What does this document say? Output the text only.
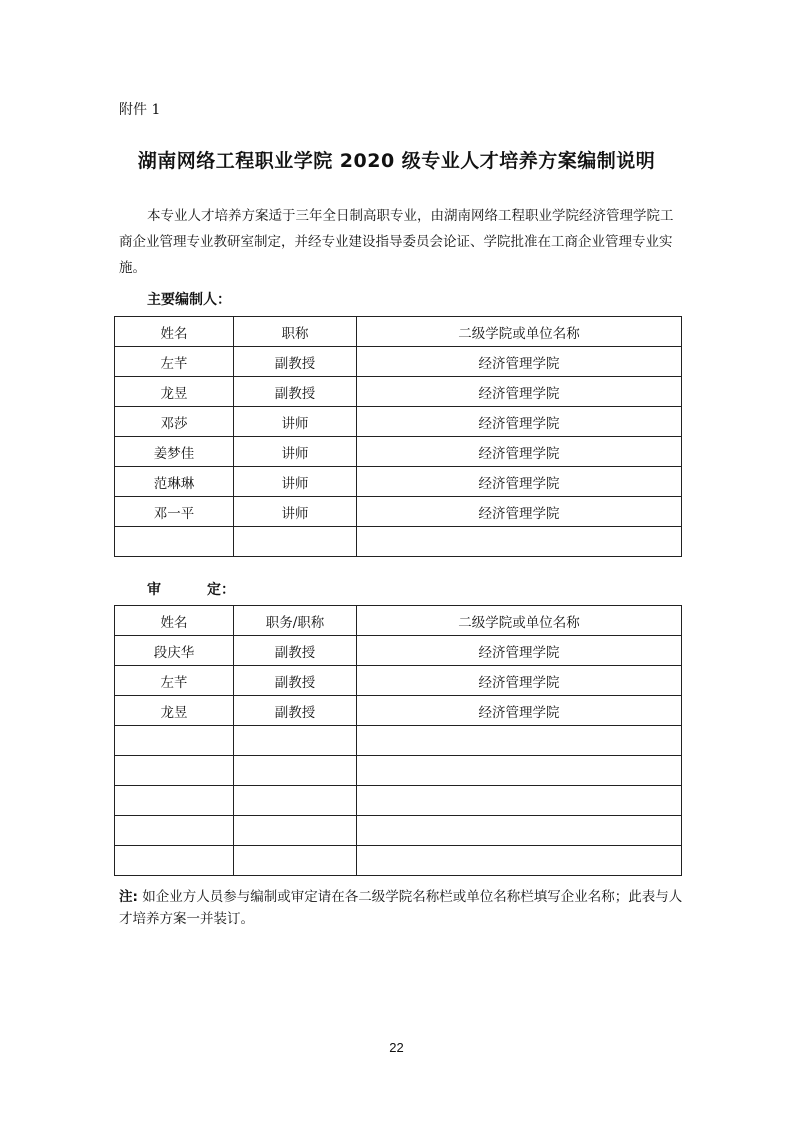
附件 1
湖南网络工程职业学院 2020 级专业人才培养方案编制说明

本专业人才培养方案适于三年全日制高职专业，由湖南网络工程职业学院经济管理学院工商企业管理专业教研室制定，并经专业建设指导委员会论证、学院批准在工商企业管理专业实施。

主要编制人：
姓名	职称	二级学院或单位名称
左芊	副教授	经济管理学院
龙昱	副教授	经济管理学院
邓莎	讲师	经济管理学院
姜梦佳	讲师	经济管理学院
范琳琳	讲师	经济管理学院
邓一平	讲师	经济管理学院

审	定：
姓名	职务/职称	二级学院或单位名称
段庆华	副教授	经济管理学院
左芊	副教授	经济管理学院
龙昱	副教授	经济管理学院

注: 如企业方人员参与编制或审定请在各二级学院名称栏或单位名称栏填写企业名称；此表与人才培养方案一并装订。

22
